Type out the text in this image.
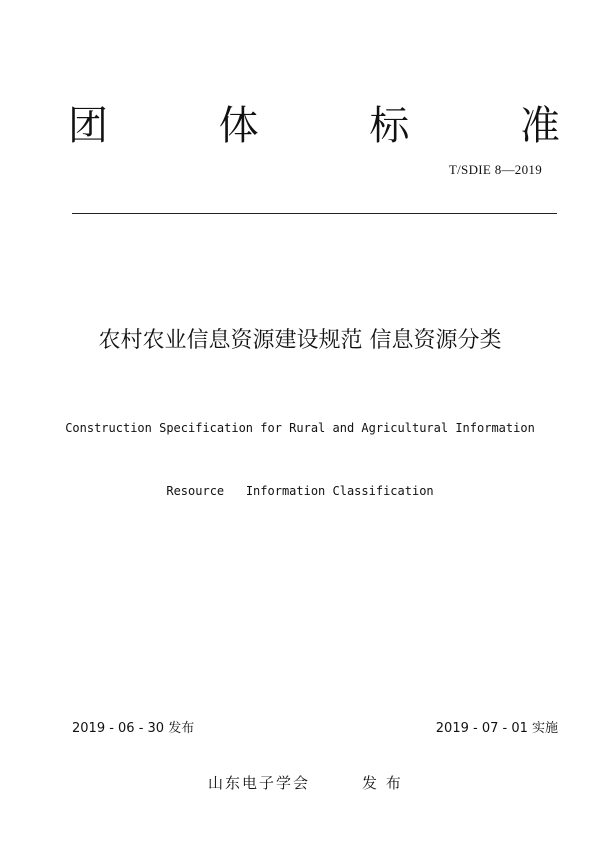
团	体	标	准
T/SDIE 8—2019
农村农业信息资源建设规范 信息资源分类

Construction Specification for Rural and Agricultural Information

Resource   Information Classification

2019 - 06 - 30 发布	2019 - 07 - 01 实施
山东电子学会	发 布
